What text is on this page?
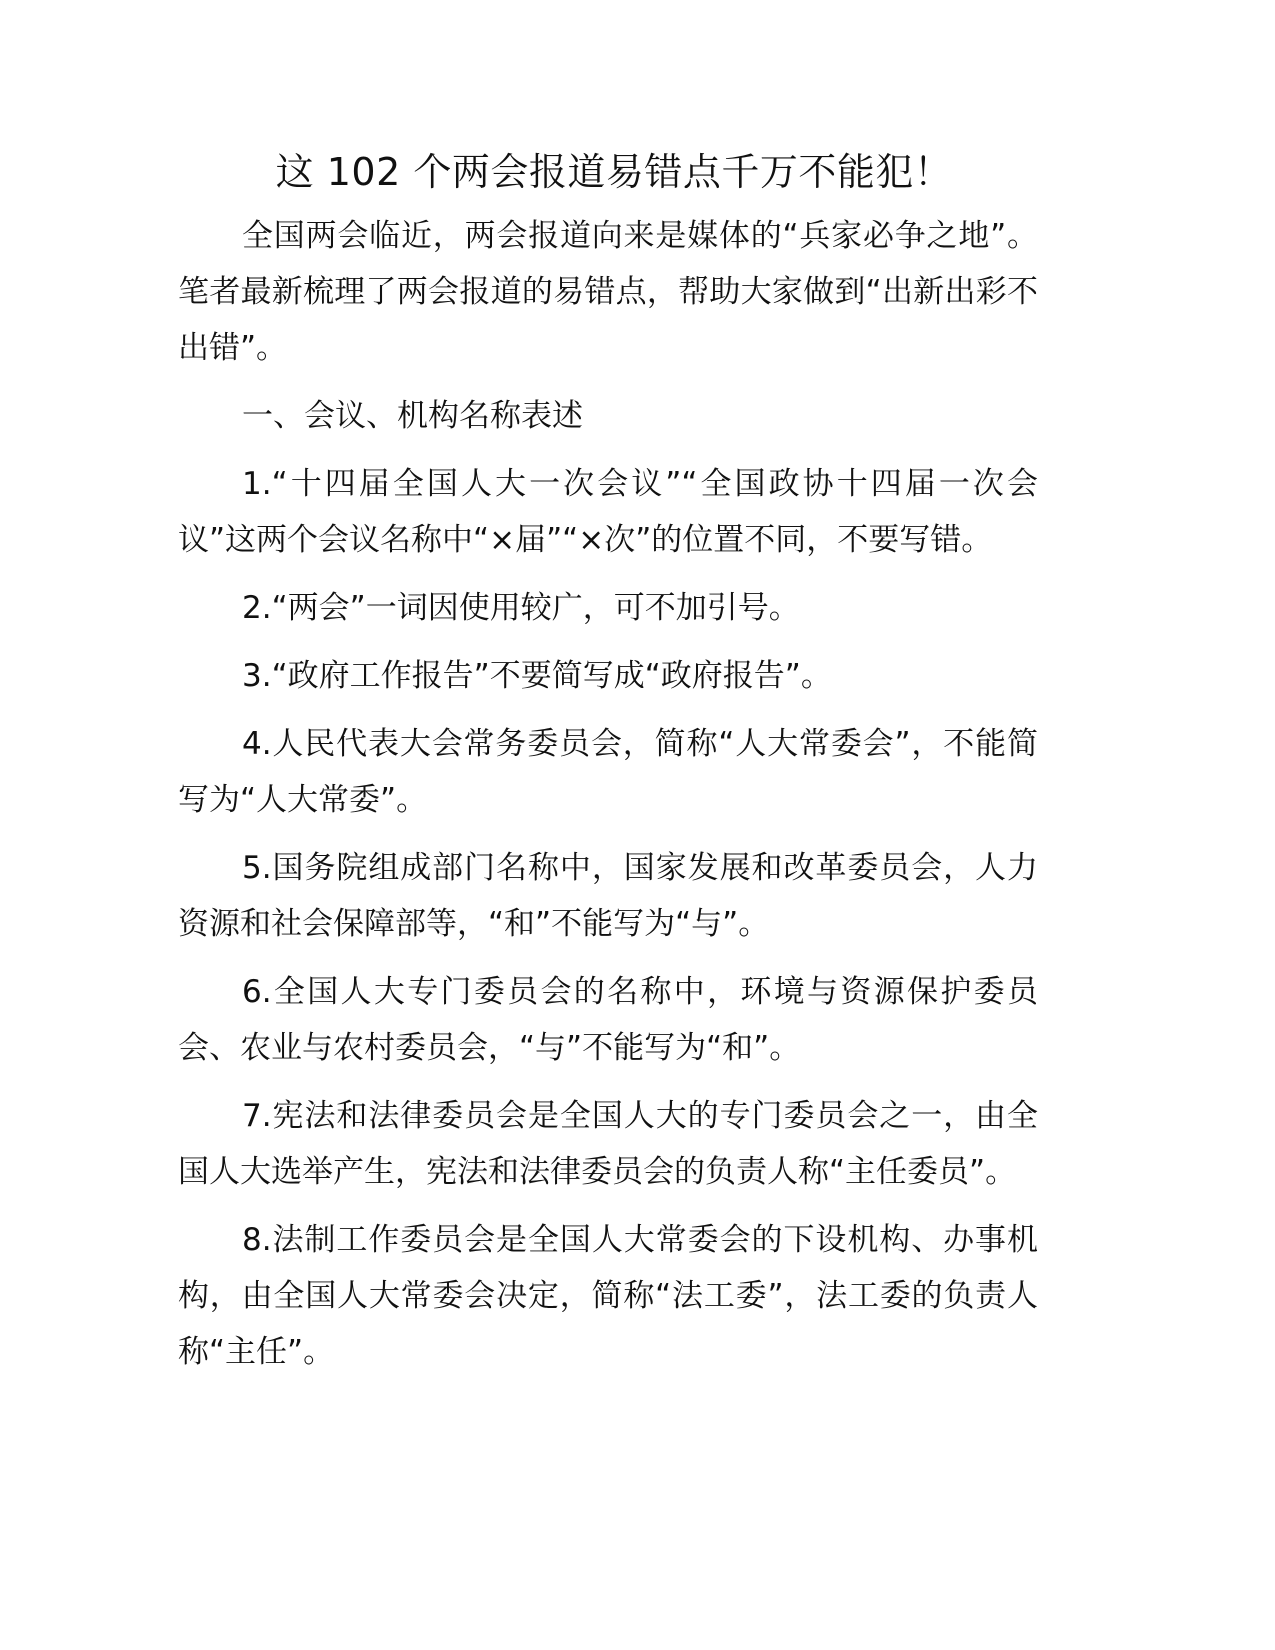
这 102 个两会报道易错点千万不能犯！

全国两会临近，两会报道向来是媒体的“兵家必争之地”。笔者最新梳理了两会报道的易错点，帮助大家做到“出新出彩不出错”。

一、会议、机构名称表述

1.“十四届全国人大一次会议”“全国政协十四届一次会议”这两个会议名称中“×届”“×次”的位置不同，不要写错。

2.“两会”一词因使用较广，可不加引号。

3.“政府工作报告”不要简写成“政府报告”。

4.人民代表大会常务委员会，简称“人大常委会”，不能简写为“人大常委”。

5.国务院组成部门名称中，国家发展和改革委员会，人力资源和社会保障部等，“和”不能写为“与”。

6.全国人大专门委员会的名称中，环境与资源保护委员会、农业与农村委员会，“与”不能写为“和”。

7.宪法和法律委员会是全国人大的专门委员会之一，由全国人大选举产生，宪法和法律委员会的负责人称“主任委员”。

8.法制工作委员会是全国人大常委会的下设机构、办事机构，由全国人大常委会决定，简称“法工委”，法工委的负责人称“主任”。
